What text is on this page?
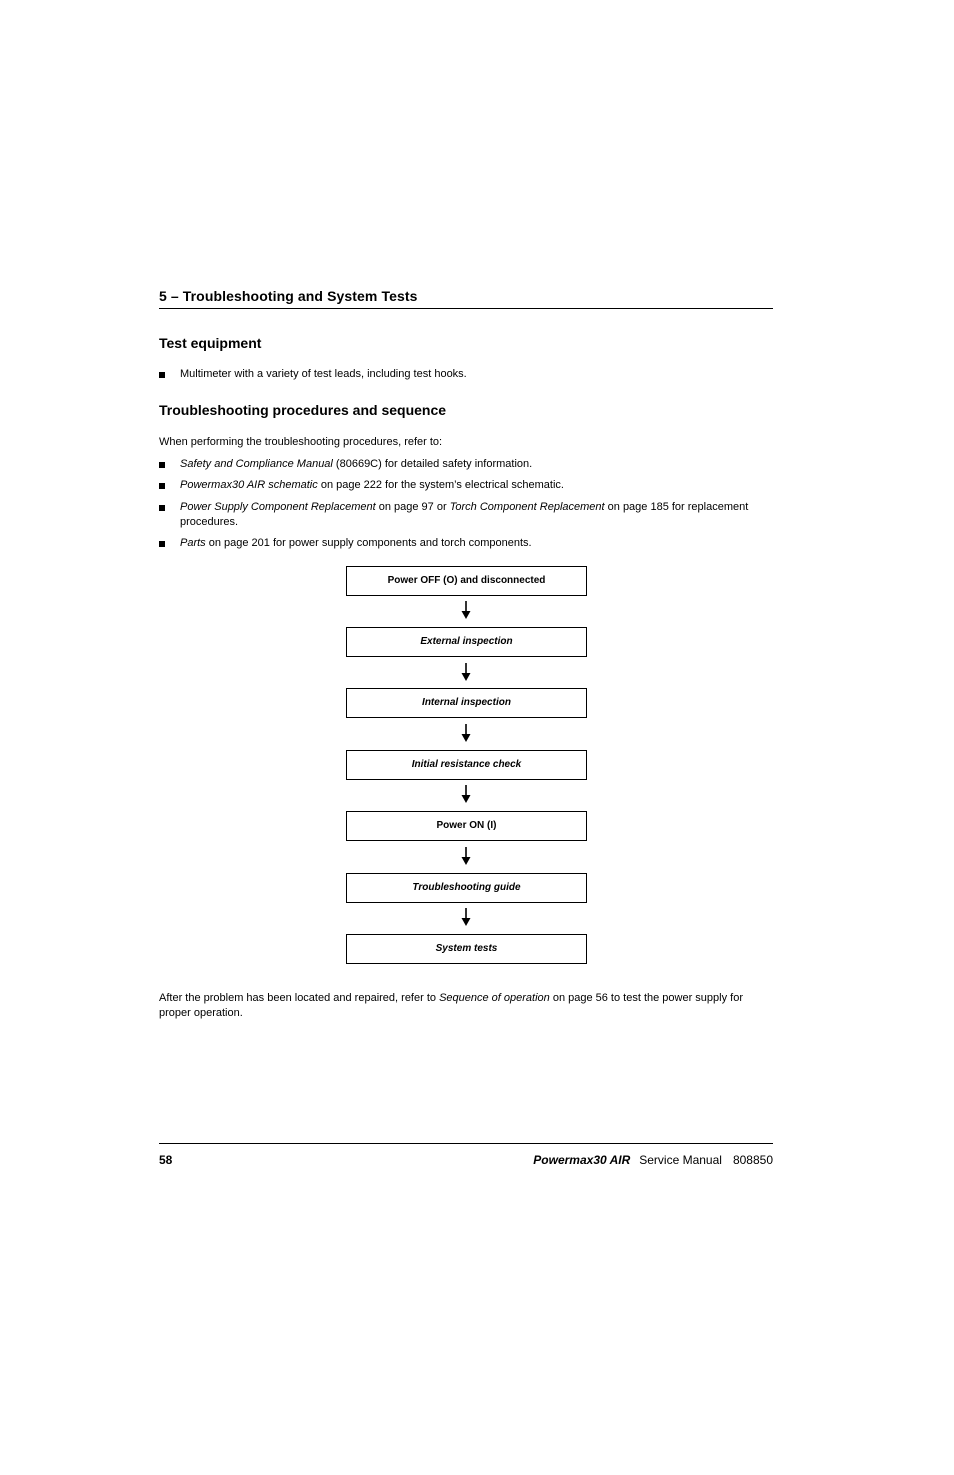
5 – Troubleshooting and System Tests
Test equipment
Multimeter with a variety of test leads, including test hooks.
Troubleshooting procedures and sequence

When performing the troubleshooting procedures, refer to:

Safety and Compliance Manual (80669C) for detailed safety information.
Powermax30 AIR schematic on page 222 for the system’s electrical schematic.
Power Supply Component Replacement on page 97 or Torch Component Replacement on page 185 for replacement procedures.
Parts on page 201 for power supply components and torch components.
Power OFF (O) and disconnected
External inspection
Internal inspection
Initial resistance check
Power ON (I)
Troubleshooting guide
System tests

After the problem has been located and repaired, refer to Sequence of operation on page 56 to test the power supply for proper operation.

58	Powermax30 AIR Service Manual 808850
